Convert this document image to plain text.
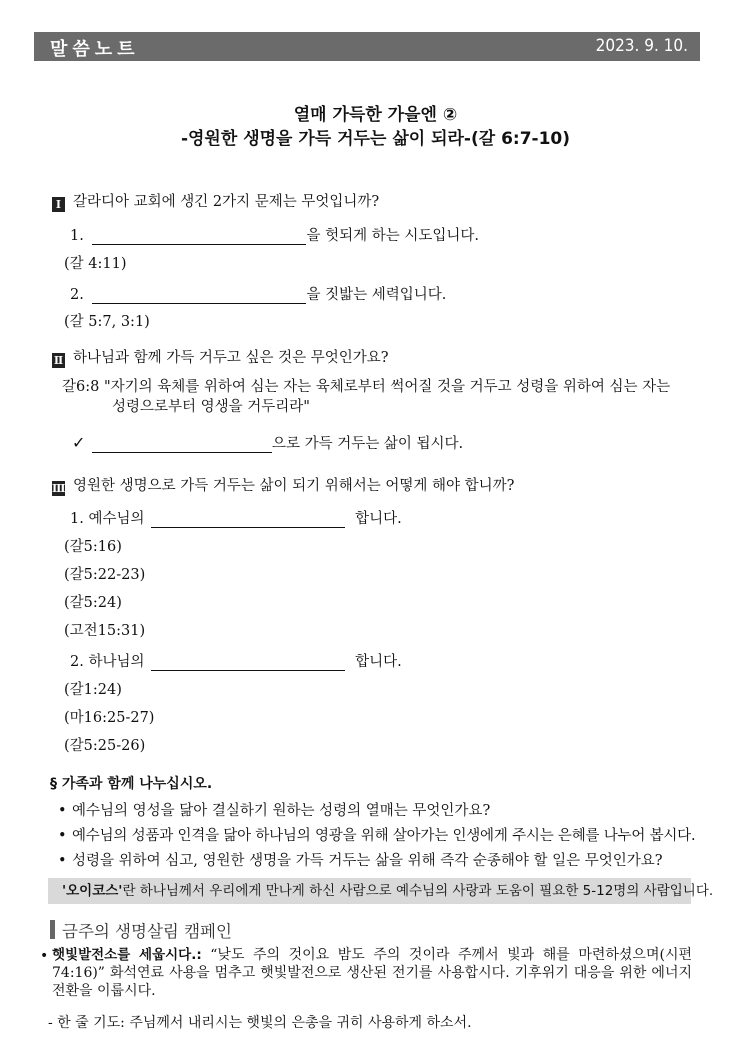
말씀노트	2023. 9. 10.
열매 가득한 가을엔 ②
-영원한 생명을 가득 거두는 삶이 되라-(갈 6:7-10)
Ⅰ 갈라디아 교회에 생긴 2가지 문제는 무엇입니까?
1.	을 헛되게 하는 시도입니다.
(갈 4:11)
2.	을 짓밟는 세력입니다.
(갈 5:7, 3:1)
Ⅱ 하나님과 함께 가득 거두고 싶은 것은 무엇인가요?
갈6:8 "자기의 육체를 위하여 심는 자는 육체로부터 썩어질 것을 거두고 성령을 위하여 심는 자는
성령으로부터 영생을 거두리라"
✓	으로 가득 거두는 삶이 됩시다.
Ⅲ 영원한 생명으로 가득 거두는 삶이 되기 위해서는 어떻게 해야 합니까?
1. 예수님의	합니다.
(갈5:16)
(갈5:22-23)
(갈5:24)
(고전15:31)
2. 하나님의	합니다.
(갈1:24)
(마16:25-27)
(갈5:25-26)
§ 가족과 함께 나누십시오.
• 예수님의 영성을 닮아 결실하기 원하는 성령의 열매는 무엇인가요?
• 예수님의 성품과 인격을 닮아 하나님의 영광을 위해 살아가는 인생에게 주시는 은혜를 나누어 봅시다.
• 성령을 위하여 심고, 영원한 생명을 가득 거두는 삶을 위해 즉각 순종해야 할 일은 무엇인가요?
'오이코스'란 하나님께서 우리에게 만나게 하신 사람으로 예수님의 사랑과 도움이 필요한 5-12명의 사람입니다.
금주의 생명살림 캠페인
• 햇빛발전소를 세웁시다.: “낮도 주의 것이요 밤도 주의 것이라 주께서 빛과 해를 마련하셨으며(시편 74:16)” 화석연료 사용을 멈추고 햇빛발전으로 생산된 전기를 사용합시다. 기후위기 대응을 위한 에너지 전환을 이룹시다.
- 한 줄 기도: 주님께서 내리시는 햇빛의 은총을 귀히 사용하게 하소서.
